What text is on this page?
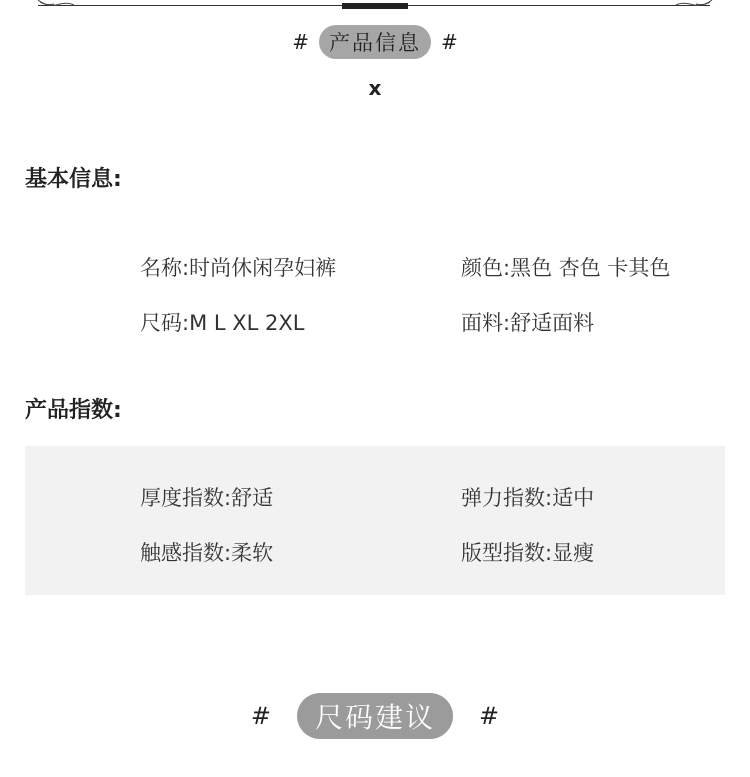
# 产品信息	#
x
基本信息:
名称:时尚休闲孕妇裤	颜色:黑色 杏色 卡其色
尺码:M L XL 2XL	面料:舒适面料
产品指数:
厚度指数:舒适	弹力指数:适中
触感指数:柔软	版型指数:显瘦
#	尺码建议	#
